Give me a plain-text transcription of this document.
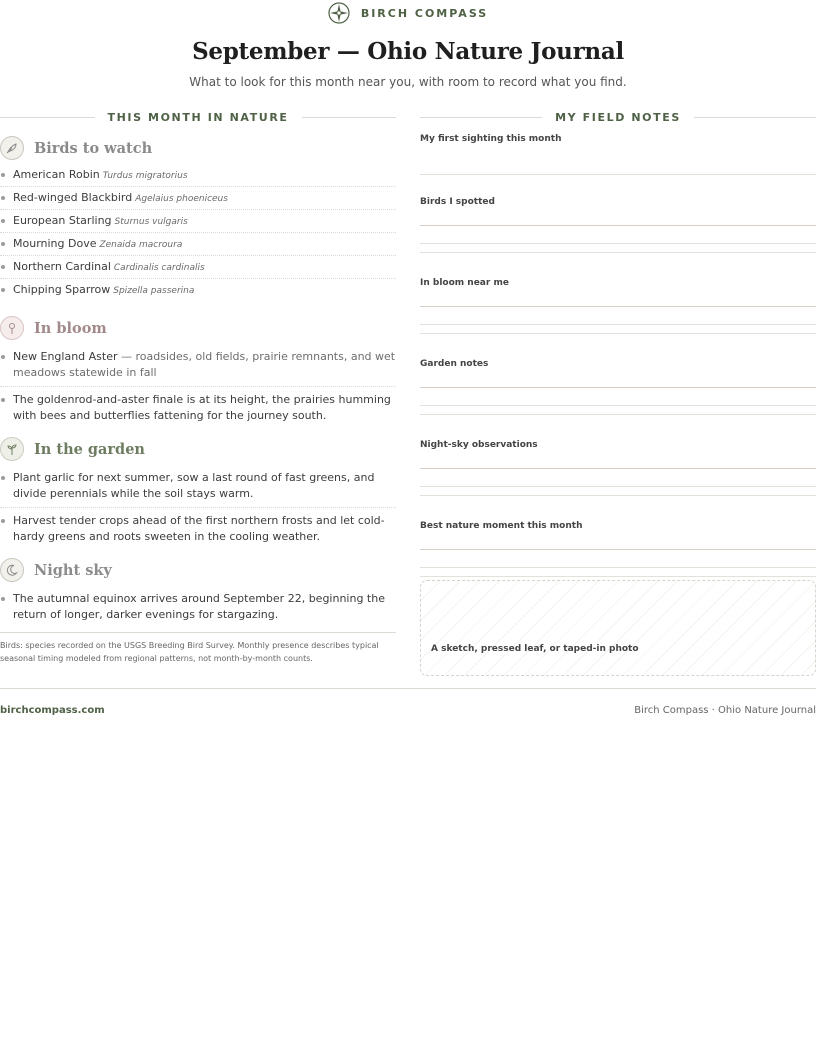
BIRCH COMPASS
September — Ohio Nature Journal

What to look for this month near you, with room to record what you find.

THIS MONTH IN NATURE
Birds to watch
American Robin Turdus migratorius
Red-winged Blackbird Agelaius phoeniceus
European Starling Sturnus vulgaris
Mourning Dove Zenaida macroura
Northern Cardinal Cardinalis cardinalis
Chipping Sparrow Spizella passerina
In bloom
New England Aster — roadsides, old fields, prairie remnants, and wet meadows statewide in fall
The goldenrod-and-aster finale is at its height, the prairies humming with bees and butterflies fattening for the journey south.
In the garden
Plant garlic for next summer, sow a last round of fast greens, and divide perennials while the soil stays warm.
Harvest tender crops ahead of the first northern frosts and let cold-hardy greens and roots sweeten in the cooling weather.
Night sky
The autumnal equinox arrives around September 22, beginning the return of longer, darker evenings for stargazing.

Birds: species recorded on the USGS Breeding Bird Survey. Monthly presence describes typical seasonal timing modeled from regional patterns, not month-by-month counts.

MY FIELD NOTES
My first sighting this month
Birds I spotted
In bloom near me
Garden notes
Night-sky observations
Best nature moment this month
A sketch, pressed leaf, or taped-in photo
birchcompass.com	Birch Compass · Ohio Nature Journal
